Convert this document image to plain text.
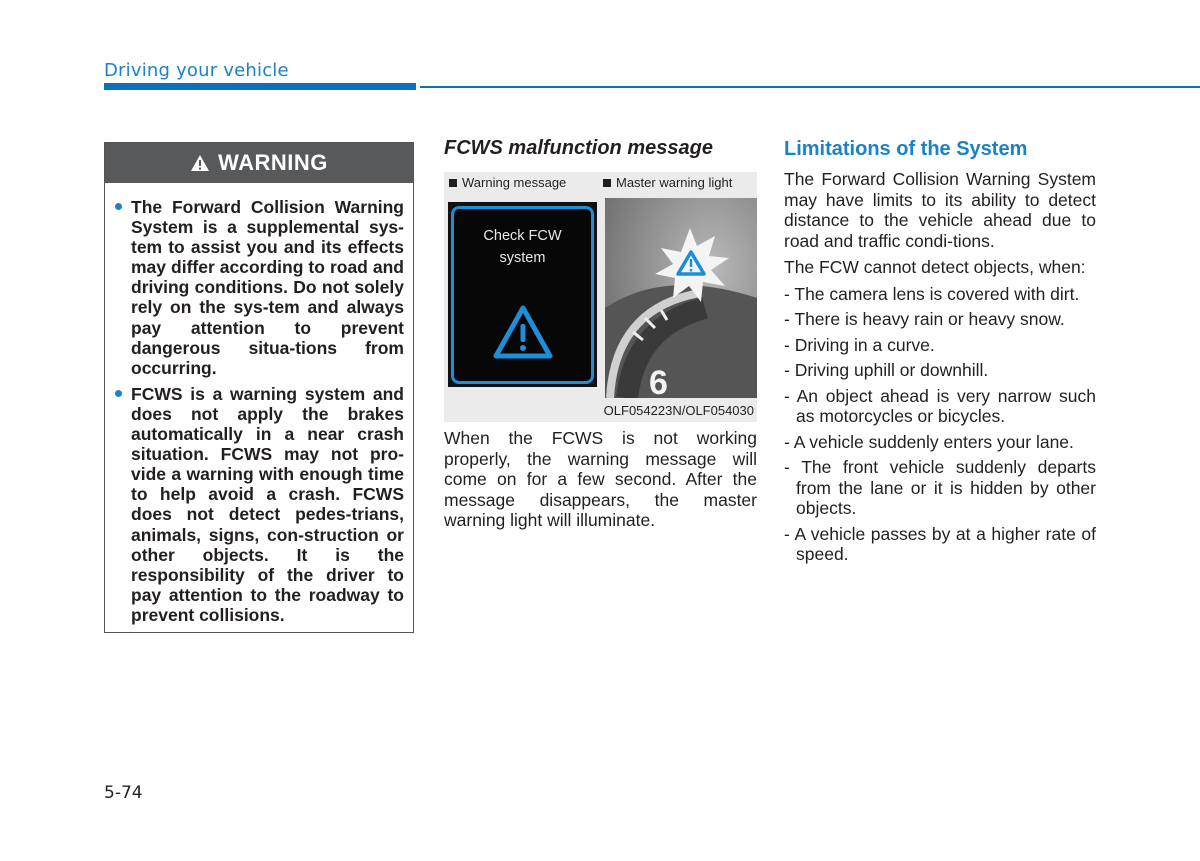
Driving your vehicle
WARNING
The Forward Collision Warning System is a supplemental sys-tem to assist you and its effects may differ according to road and driving conditions. Do not solely rely on the sys-tem and always pay attention to prevent dangerous situa-tions from occurring.
FCWS is a warning system and does not apply the brakes automatically in a near crash situation. FCWS may not pro-vide a warning with enough time to help avoid a crash. FCWS does not detect pedes-trians, animals, signs, con-struction or other objects. It is the responsibility of the driver to pay attention to the roadway to prevent collisions.
FCWS malfunction message
Warning message	Master warning light
Check FCW
system
6
OLF054223N/OLF054030
When the FCWS is not working properly, the warning message will come on for a few second. After the message disappears, the master warning light will illuminate.
Limitations of the System

The Forward Collision Warning System may have limits to its ability to detect distance to the vehicle ahead due to road and traffic condi-tions.

The FCW cannot detect objects, when:

- The camera lens is covered with dirt.
- There is heavy rain or heavy snow.
- Driving in a curve.
- Driving uphill or downhill.
- An object ahead is very narrow such as motorcycles or bicycles.
- A vehicle suddenly enters your lane.
- The front vehicle suddenly departs from the lane or it is hidden by other objects.
- A vehicle passes by at a higher rate of speed.
5-74
